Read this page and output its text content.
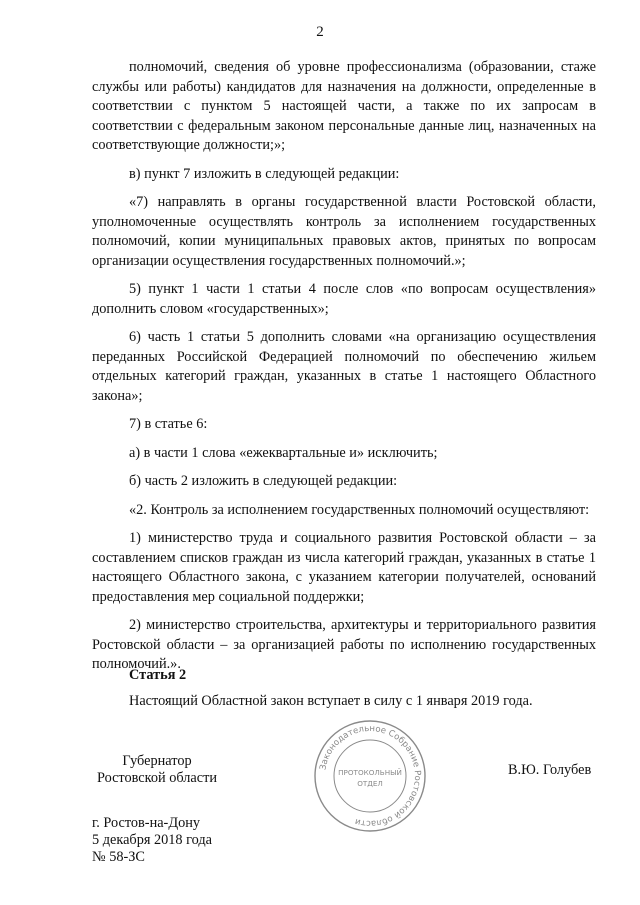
2

полномочий, сведения об уровне профессионализма (образовании, стаже службы или работы) кандидатов для назначения на должности, определенные в соответствии с пунктом 5 настоящей части, а также по их запросам в соответствии с федеральным законом персональные данные лиц, назначенных на соответствующие должности;»;

в) пункт 7 изложить в следующей редакции:

«7) направлять в органы государственной власти Ростовской области, уполномоченные осуществлять контроль за исполнением государственных полномочий, копии муниципальных правовых актов, принятых по вопросам организации осуществления государственных полномочий.»;

5) пункт 1 части 1 статьи 4 после слов «по вопросам осуществления» дополнить словом «государственных»;

6) часть 1 статьи 5 дополнить словами «на организацию осуществления переданных Российской Федерацией полномочий по обеспечению жильем отдельных категорий граждан, указанных в статье 1 настоящего Областного закона»;

7) в статье 6:

а) в части 1 слова «ежеквартальные и» исключить;

б) часть 2 изложить в следующей редакции:

«2. Контроль за исполнением государственных полномочий осуществляют:

1) министерство труда и социального развития Ростовской области – за составлением списков граждан из числа категорий граждан, указанных в статье 1 настоящего Областного закона, с указанием категории получателей, оснований предоставления мер социальной поддержки;

2) министерство строительства, архитектуры и территориального развития Ростовской области – за организацией работы по исполнению государственных полномочий.».

Статья 2
Настоящий Областной закон вступает в силу с 1 января 2019 года.
Губернатор
Ростовской области
Законодательное Собрание Ростовской области
ПРОТОКОЛЬНЫЙ
ОТДЕЛ
В.Ю. Голубев
г. Ростов-на-Дону
5 декабря 2018 года
№ 58-ЗС
